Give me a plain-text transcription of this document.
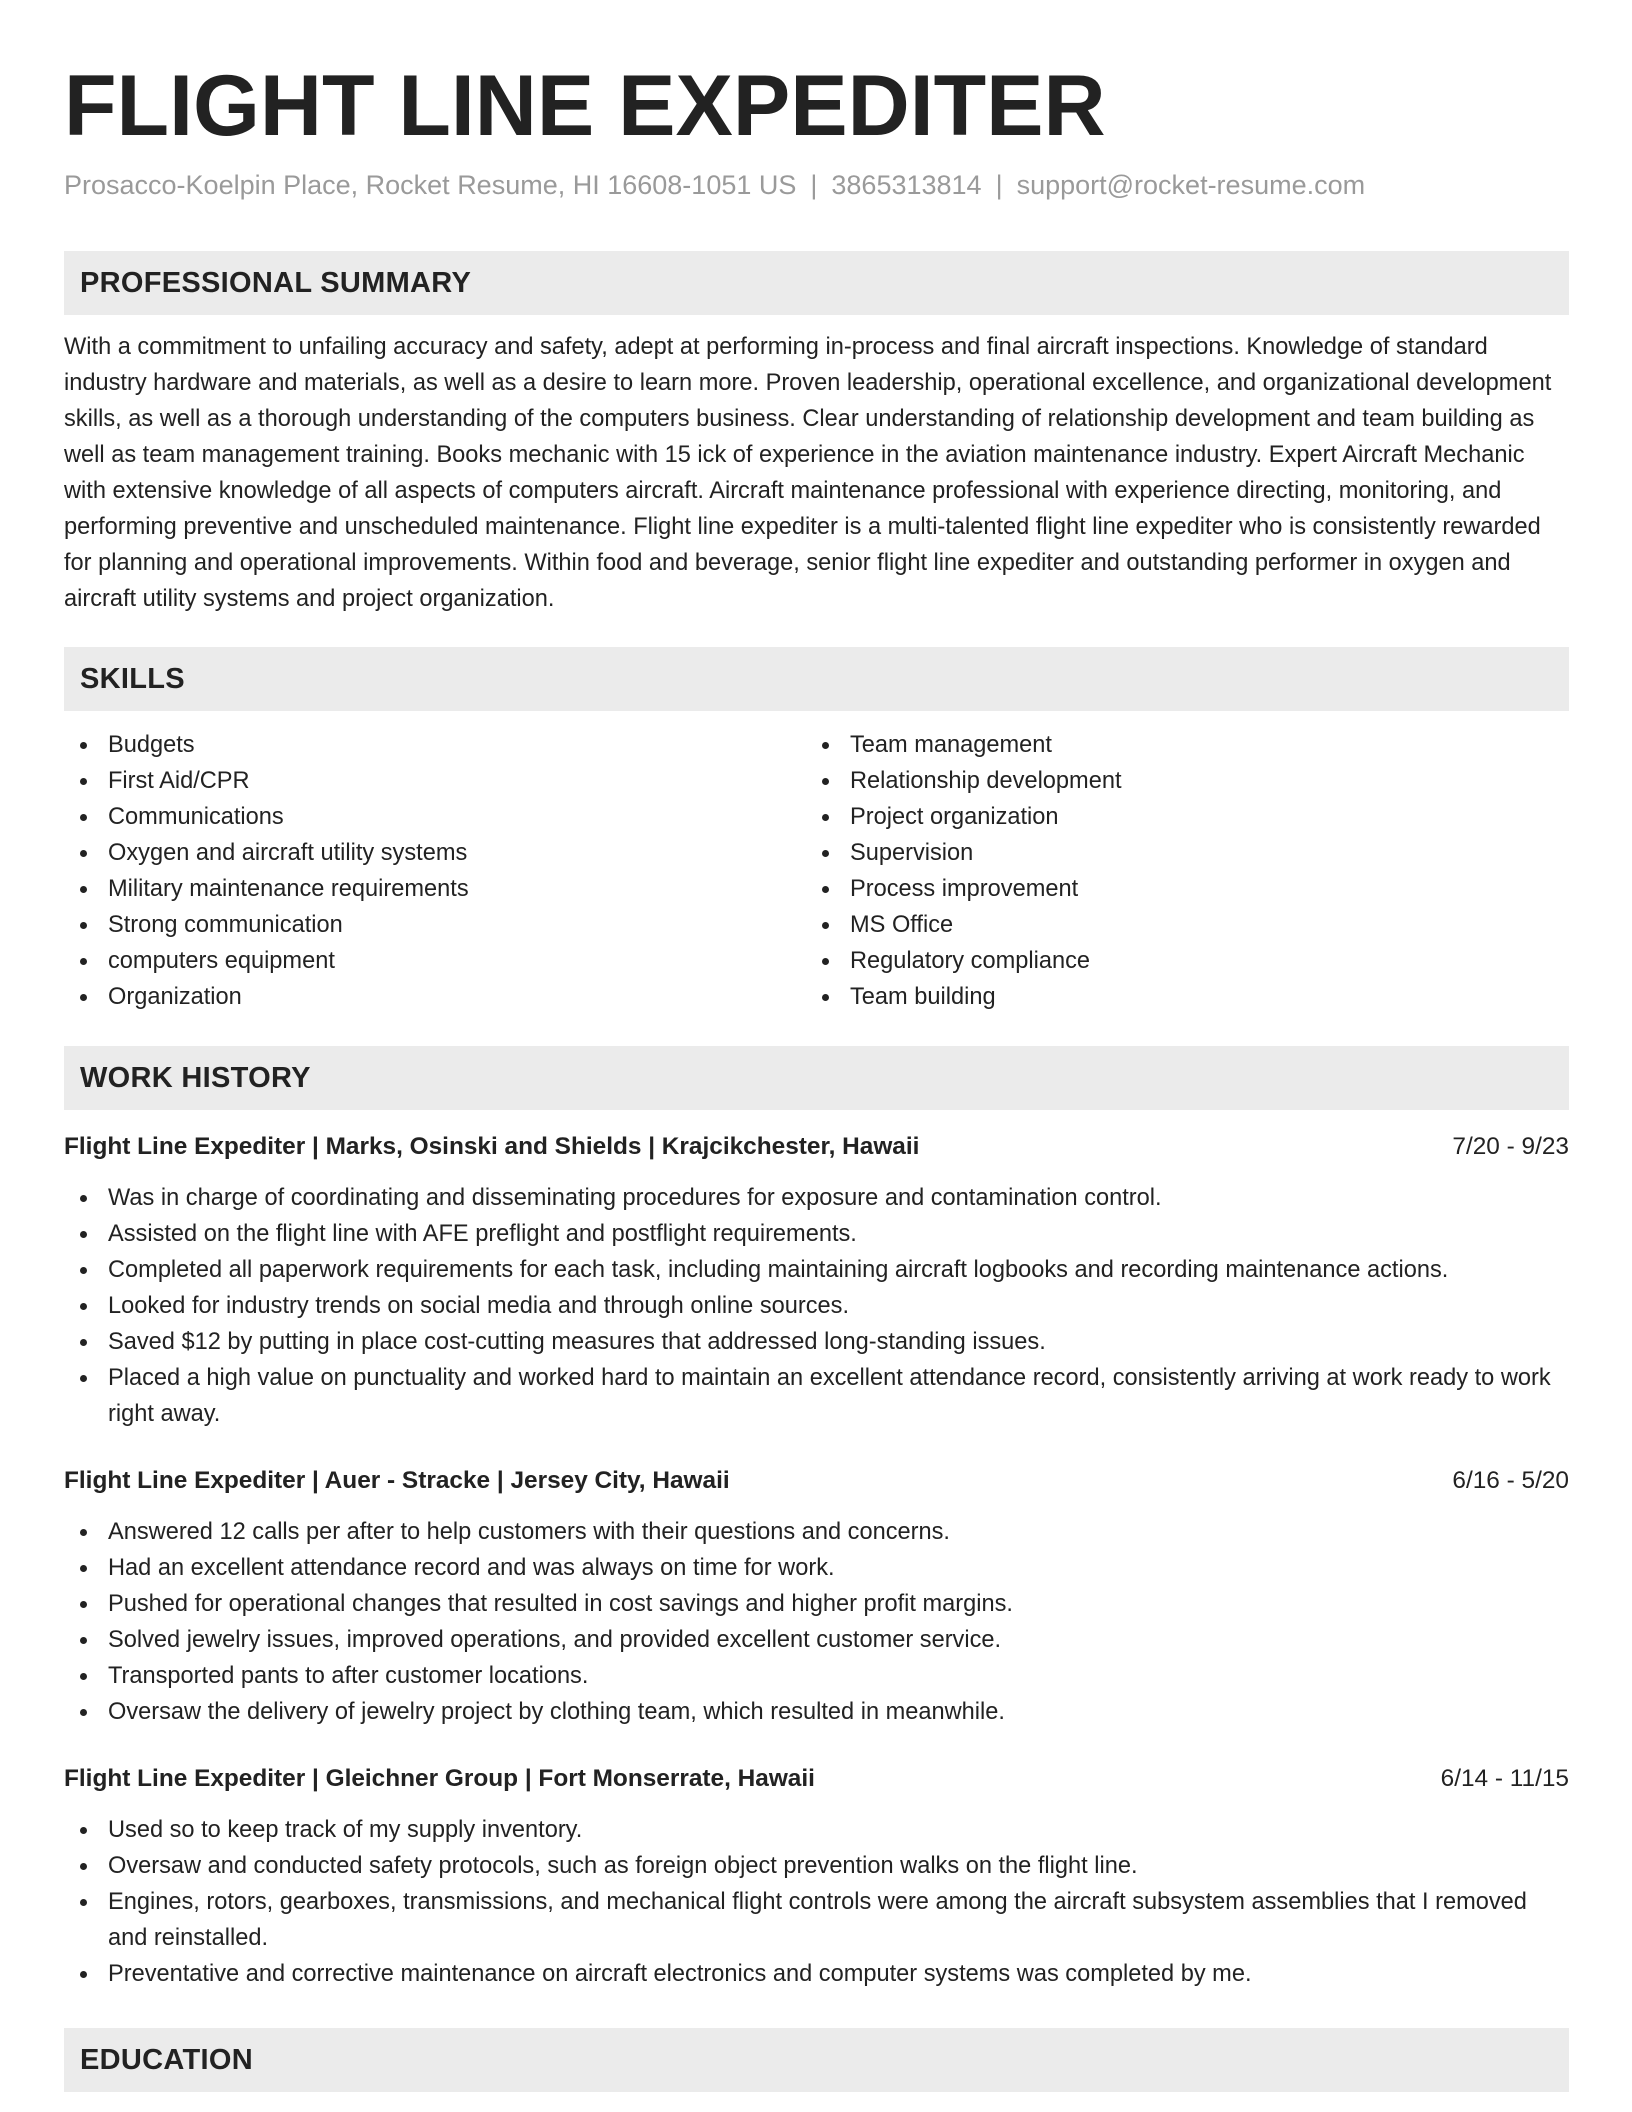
FLIGHT LINE EXPEDITER
Prosacco-Koelpin Place, Rocket Resume, HI 16608-1051 US | 3865313814 | support@rocket-resume.com
PROFESSIONAL SUMMARY

With a commitment to unfailing accuracy and safety, adept at performing in-process and final aircraft inspections. Knowledge of standard industry hardware and materials, as well as a desire to learn more. Proven leadership, operational excellence, and organizational development skills, as well as a thorough understanding of the computers business. Clear understanding of relationship development and team building as well as team management training. Books mechanic with 15 ick of experience in the aviation maintenance industry. Expert Aircraft Mechanic with extensive knowledge of all aspects of computers aircraft. Aircraft maintenance professional with experience directing, monitoring, and performing preventive and unscheduled maintenance. Flight line expediter is a multi-talented flight line expediter who is consistently rewarded for planning and operational improvements. Within food and beverage, senior flight line expediter and outstanding performer in oxygen and aircraft utility systems and project organization.

SKILLS
Budgets
First Aid/CPR
Communications
Oxygen and aircraft utility systems
Military maintenance requirements
Strong communication
computers equipment
Organization
Team management
Relationship development
Project organization
Supervision
Process improvement
MS Office
Regulatory compliance
Team building
WORK HISTORY
Flight Line Expediter | Marks, Osinski and Shields | Krajcikchester, Hawaii	7/20 - 9/23
Was in charge of coordinating and disseminating procedures for exposure and contamination control.
Assisted on the flight line with AFE preflight and postflight requirements.
Completed all paperwork requirements for each task, including maintaining aircraft logbooks and recording maintenance actions.
Looked for industry trends on social media and through online sources.
Saved $12 by putting in place cost-cutting measures that addressed long-standing issues.
Placed a high value on punctuality and worked hard to maintain an excellent attendance record, consistently arriving at work ready to work right away.
Flight Line Expediter | Auer - Stracke | Jersey City, Hawaii	6/16 - 5/20
Answered 12 calls per after to help customers with their questions and concerns.
Had an excellent attendance record and was always on time for work.
Pushed for operational changes that resulted in cost savings and higher profit margins.
Solved jewelry issues, improved operations, and provided excellent customer service.
Transported pants to after customer locations.
Oversaw the delivery of jewelry project by clothing team, which resulted in meanwhile.
Flight Line Expediter | Gleichner Group | Fort Monserrate, Hawaii	6/14 - 11/15
Used so to keep track of my supply inventory.
Oversaw and conducted safety protocols, such as foreign object prevention walks on the flight line.
Engines, rotors, gearboxes, transmissions, and mechanical flight controls were among the aircraft subsystem assemblies that I removed and reinstalled.
Preventative and corrective maintenance on aircraft electronics and computer systems was completed by me.
EDUCATION
